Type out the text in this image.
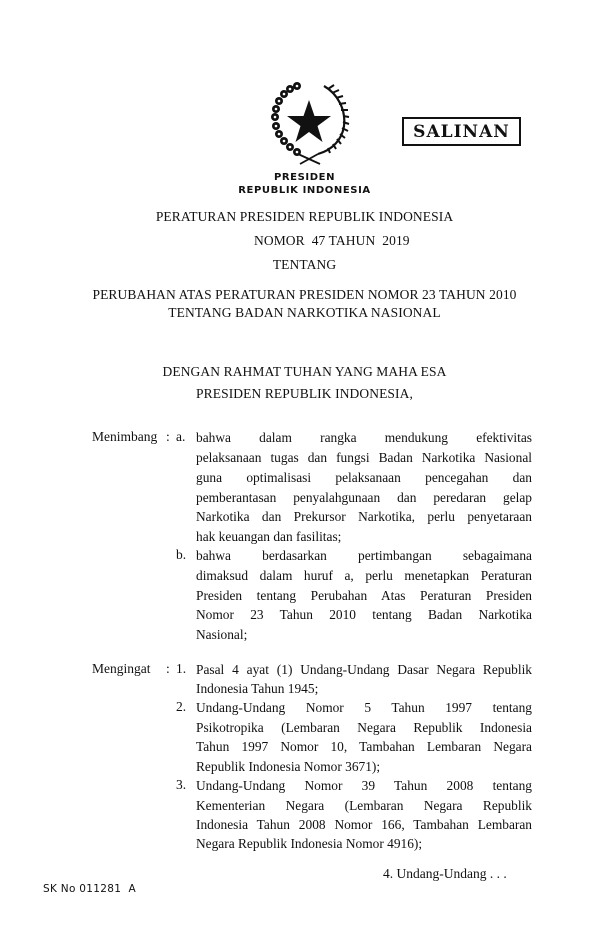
SALINAN
PRESIDEN
REPUBLIK INDONESIA
PERATURAN PRESIDEN REPUBLIK INDONESIA
NOMOR  47 TAHUN  2019
TENTANG
PERUBAHAN ATAS PERATURAN PRESIDEN NOMOR 23 TAHUN 2010
TENTANG BADAN NARKOTIKA NASIONAL
DENGAN RAHMAT TUHAN YANG MAHA ESA
PRESIDEN REPUBLIK INDONESIA,
Menimbang : a. bahwa dalam rangka mendukung efektivitas
pelaksanaan tugas dan fungsi Badan Narkotika Nasional
guna optimalisasi pelaksanaan pencegahan dan
pemberantasan penyalahgunaan dan peredaran gelap
Narkotika dan Prekursor Narkotika, perlu penyetaraan
hak keuangan dan fasilitas;
b. bahwa berdasarkan pertimbangan sebagaimana
dimaksud dalam huruf a, perlu menetapkan Peraturan
Presiden tentang Perubahan Atas Peraturan Presiden
Nomor 23 Tahun 2010 tentang Badan Narkotika
Nasional;
Mengingat : 1. Pasal 4 ayat (1) Undang-Undang Dasar Negara Republik
Indonesia Tahun 1945;
2. Undang-Undang Nomor 5 Tahun 1997 tentang
Psikotropika (Lembaran Negara Republik Indonesia
Tahun 1997 Nomor 10, Tambahan Lembaran Negara
Republik Indonesia Nomor 3671);
3. Undang-Undang Nomor 39 Tahun 2008 tentang
Kementerian Negara (Lembaran Negara Republik
Indonesia Tahun 2008 Nomor 166, Tambahan Lembaran
Negara Republik Indonesia Nomor 4916);
4. Undang-Undang . . .
SK No 011281  A
